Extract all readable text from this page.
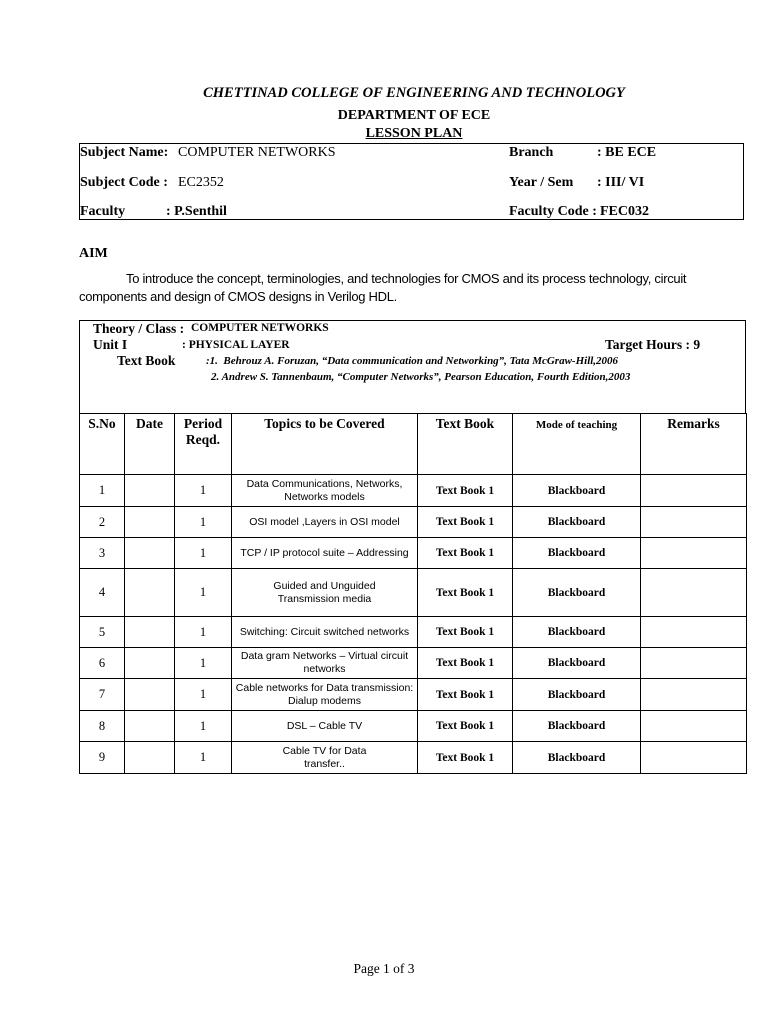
CHETTINAD COLLEGE OF ENGINEERING AND TECHNOLOGY
DEPARTMENT OF ECE
LESSON PLAN
Subject Name: COMPUTER NETWORKS
Subject Code : EC2352
Faculty	: P.Senthil
Branch	: BE ECE
Year / Sem : III/ VI
Faculty Code : FEC032
AIM
To introduce the concept, terminologies, and technologies for CMOS and its process technology, circuit components and design of CMOS designs in Verilog HDL.
Theory / Class : COMPUTER NETWORKS
Unit I	: PHYSICAL LAYER	Target Hours : 9
Text Book	:1.  Behrouz A. Foruzan, “Data communication and Networking”, Tata McGraw-Hill,2006
2. Andrew S. Tannenbaum, “Computer Networks”, Pearson Education, Fourth Edition,2003
S.No	Date	Period Reqd.	Topics to be Covered	Text Book	Mode of teaching	Remarks
1		1	Data Communications, Networks, Networks models	Text Book 1	Blackboard	
2		1	OSI model ,Layers in OSI model	Text Book 1	Blackboard	
3		1	TCP / IP protocol suite – Addressing	Text Book 1	Blackboard	
4		1	Guided and Unguided Transmission media	Text Book 1	Blackboard	
5		1	Switching: Circuit switched networks	Text Book 1	Blackboard	
6		1	Data gram Networks – Virtual circuit networks	Text Book 1	Blackboard	
7		1	Cable networks for Data transmission: Dialup modems	Text Book 1	Blackboard	
8		1	DSL – Cable TV	Text Book 1	Blackboard	
9		1	Cable TV for Data transfer..	Text Book 1	Blackboard	
Page 1 of 3
